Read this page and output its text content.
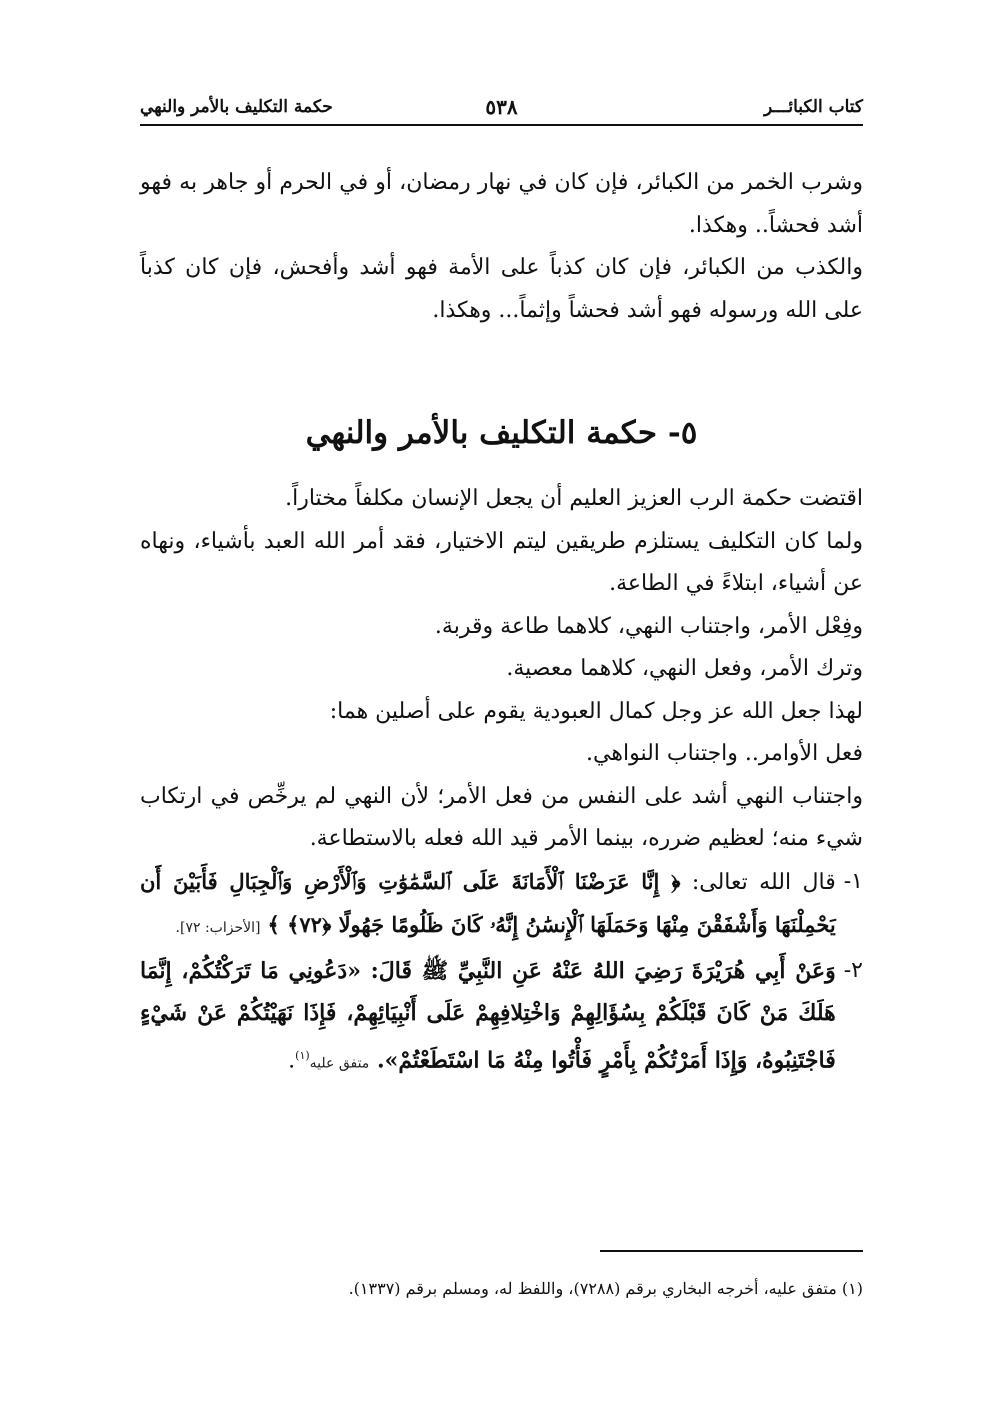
كتاب الكبائـــر
٥٣٨
حكمة التكليف بالأمر والنهي

وشرب الخمر من الكبائر، فإن كان في نهار رمضان، أو في الحرم أو جاهر به فهو أشد فحشاً.. وهكذا.

والكذب من الكبائر، فإن كان كذباً على الأمة فهو أشد وأفحش، فإن كان كذباً على الله ورسوله فهو أشد فحشاً وإثماً... وهكذا.

٥- حكمة التكليف بالأمر والنهي

اقتضت حكمة الرب العزيز العليم أن يجعل الإنسان مكلفاً مختاراً.

ولما كان التكليف يستلزم طريقين ليتم الاختيار، فقد أمر الله العبد بأشياء، ونهاه عن أشياء، ابتلاءً في الطاعة.

وفِعْل الأمر، واجتناب النهي، كلاهما طاعة وقربة.

وترك الأمر، وفعل النهي، كلاهما معصية.

لهذا جعل الله عز وجل كمال العبودية يقوم على أصلين هما:

فعل الأوامر.. واجتناب النواهي.

واجتناب النهي أشد على النفس من فعل الأمر؛ لأن النهي لم يرخِّص في ارتكاب شيء منه؛ لعظيم ضرره، بينما الأمر قيد الله فعله بالاستطاعة.

١-
قال الله تعالى: ﴿ إِنَّا عَرَضْنَا ٱلْأَمَانَةَ عَلَى ٱلسَّمَٰوَٰتِ وَٱلْأَرْضِ وَٱلْجِبَالِ فَأَبَيْنَ أَن يَحْمِلْنَهَا وَأَشْفَقْنَ مِنْهَا وَحَمَلَهَا ٱلْإِنسَٰنُ إِنَّهُۥ كَانَ ظَلُومًا جَهُولًا ﴿٧٢﴾ ﴾ [الأحزاب: ٧٢].
٢-
وَعَنْ أَبِي هُرَيْرَةَ رَضِيَ اللهُ عَنْهُ عَنِ النَّبِيِّ ﷺ قَالَ: «دَعُونِي مَا تَرَكْتُكُمْ، إِنَّمَا هَلَكَ مَنْ كَانَ قَبْلَكُمْ بِسُؤَالِهِمْ وَاخْتِلافِهِمْ عَلَى أَنْبِيَائِهِمْ، فَإِذَا نَهَيْتُكُمْ عَنْ شَيْءٍ فَاجْتَنِبُوهُ، وَإِذَا أَمَرْتُكُمْ بِأَمْرٍ فَأْتُوا مِنْهُ مَا اسْتَطَعْتُمْ». متفق عليه$^{(١)}$.
(١) متفق عليه، أخرجه البخاري برقم (٧٢٨٨)، واللفظ له، ومسلم برقم (١٣٣٧).
